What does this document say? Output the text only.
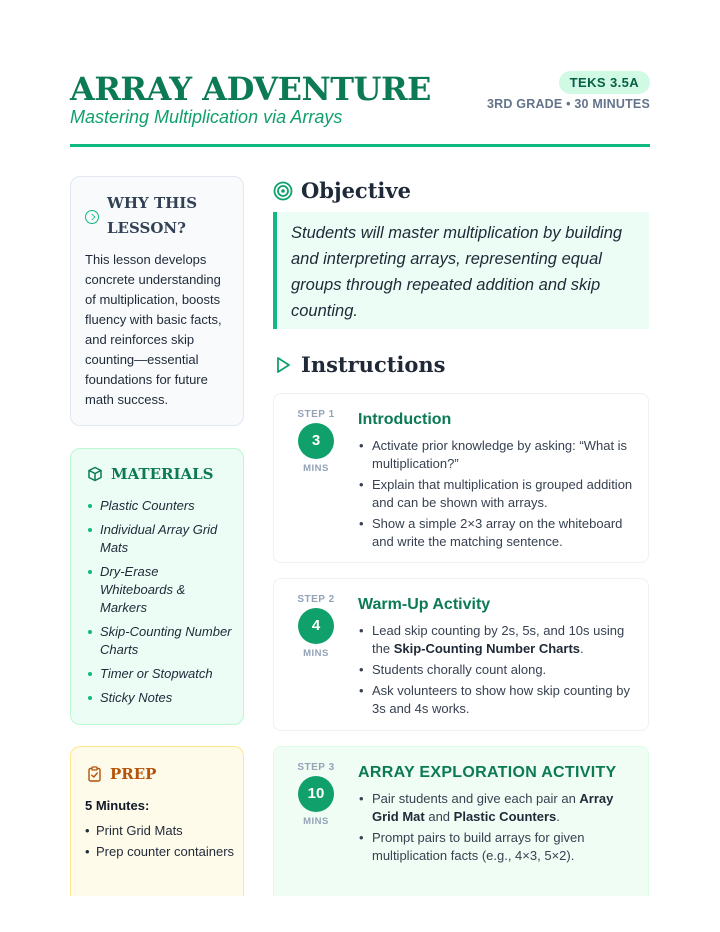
ARRAY ADVENTURE
Mastering Multiplication via Arrays
TEKS 3.5A
3RD GRADE • 30 MINUTES
WHY THIS LESSON?
This lesson develops concrete understanding of multiplication, boosts fluency with basic facts, and reinforces skip counting—essential foundations for future math success.
MATERIALS
Plastic Counters
Individual Array Grid Mats
Dry-Erase Whiteboards & Markers
Skip-Counting Number Charts
Timer or Stopwatch
Sticky Notes
PREP
5 Minutes:
• Print Grid Mats
• Prep counter containers
Objective
Students will master multiplication by building and interpreting arrays, representing equal groups through repeated addition and skip counting.
Instructions
STEP 1
3
MINS
Introduction
• Activate prior knowledge by asking: “What is multiplication?”
• Explain that multiplication is grouped addition and can be shown with arrays.
• Show a simple 2×3 array on the whiteboard and write the matching sentence.
STEP 2
4
MINS
Warm-Up Activity
• Lead skip counting by 2s, 5s, and 10s using the Skip-Counting Number Charts.
• Students chorally count along.
• Ask volunteers to show how skip counting by 3s and 4s works.
STEP 3
10
MINS
ARRAY EXPLORATION ACTIVITY
• Pair students and give each pair an Array Grid Mat and Plastic Counters.
• Prompt pairs to build arrays for given multiplication facts (e.g., 4×3, 5×2).
